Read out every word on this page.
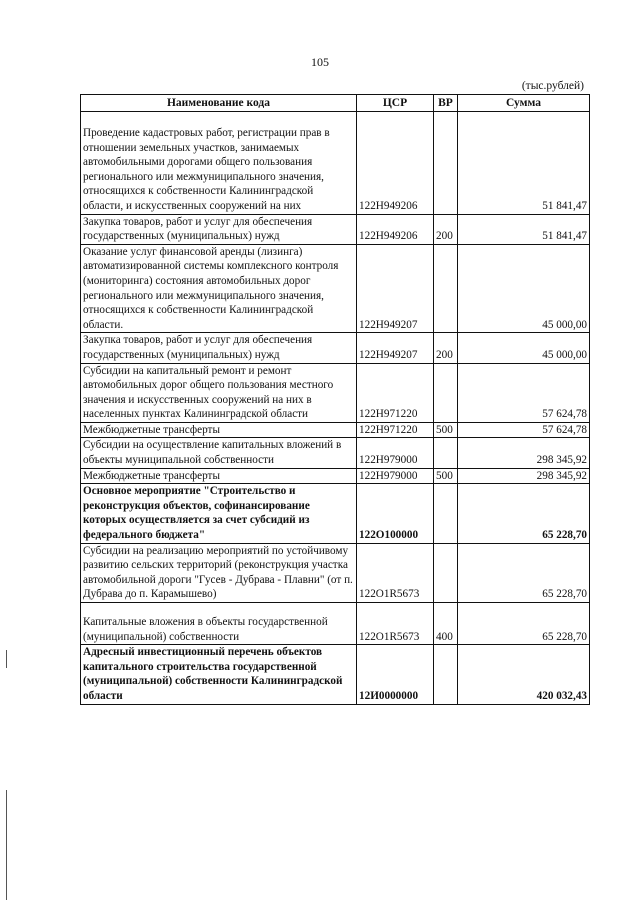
105
(тыс.рублей)
Наименование кода	ЦСР	ВР	Сумма
Проведение кадастровых работ, регистрации прав в отношении земельных участков, занимаемых автомобильными дорогами общего пользования регионального или межмуниципального значения, относящихся к собственности Калининградской области, и искусственных сооружений на них	122Н949206		51 841,47
Закупка товаров, работ и услуг для обеспечения государственных (муниципальных) нужд	122Н949206	200	51 841,47
Оказание услуг финансовой аренды (лизинга) автоматизированной системы комплексного контроля (мониторинга) состояния автомобильных дорог регионального или межмуниципального значения, относящихся к собственности Калининградской области.	122Н949207		45 000,00
Закупка товаров, работ и услуг для обеспечения государственных (муниципальных) нужд	122Н949207	200	45 000,00
Субсидии на капитальный ремонт и ремонт автомобильных дорог общего пользования местного значения и искусственных сооружений на них в населенных пунктах Калининградской области	122Н971220		57 624,78
Межбюджетные трансферты	122Н971220	500	57 624,78
Субсидии на осуществление капитальных вложений в объекты муниципальной собственности	122Н979000		298 345,92
Межбюджетные трансферты	122Н979000	500	298 345,92
Основное мероприятие "Строительство и реконструкция объектов, софинансирование которых осуществляется за счет субсидий из федерального бюджета"	122О100000		65 228,70
Субсидии на реализацию мероприятий по устойчивому развитию сельских территорий (реконструкция участка автомобильной дороги "Гусев - Дубрава - Плавни" (от п. Дубрава до п. Карамышево)	122О1R5673		65 228,70
Капитальные вложения в объекты государственной (муниципальной) собственности	122О1R5673	400	65 228,70
Адресный инвестиционный перечень объектов капитального строительства государственной (муниципальной) собственности Калининградской области	12И0000000		420 032,43
